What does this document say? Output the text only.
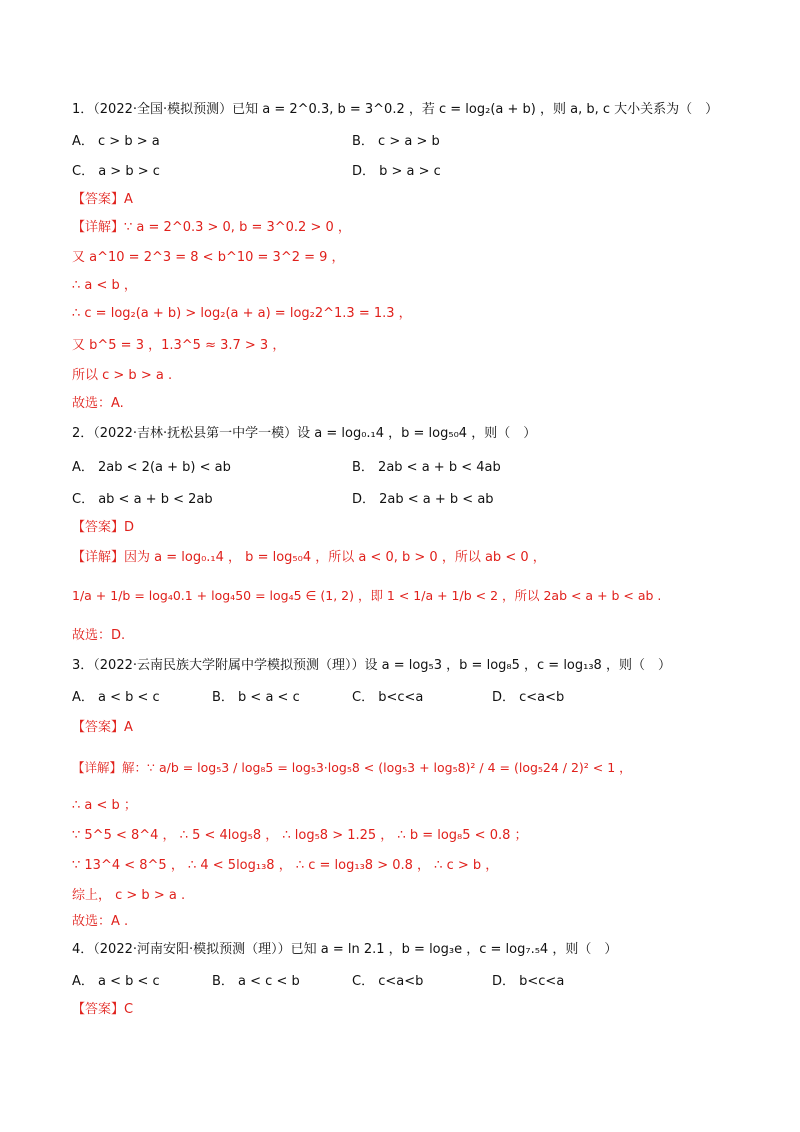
1．（2022·全国·模拟预测）已知 a = 2^0.3, b = 3^0.2 ，若 c = log₂(a + b) ，则 a, b, c 大小关系为（　）
A． c > b > a	B． c > a > b
C． a > b > c	D． b > a > c
【答案】A
【详解】∵ a = 2^0.3 > 0, b = 3^0.2 > 0 ，
又 a^10 = 2^3 = 8 < b^10 = 3^2 = 9 ，
∴ a < b ，
∴ c = log₂(a + b) > log₂(a + a) = log₂2^1.3 = 1.3 ，
又 b^5 = 3 ，1.3^5 ≈ 3.7 > 3 ，
所以 c > b > a .
故选：A.
2．（2022·吉林·抚松县第一中学一模）设 a = log₀.₁4 ，b = log₅₀4 ，则（　）
A． 2ab < 2(a + b) < ab	B． 2ab < a + b < 4ab
C． ab < a + b < 2ab	D． 2ab < a + b < ab
【答案】D
【详解】因为 a = log₀.₁4 ， b = log₅₀4 ，所以 a < 0, b > 0 ，所以 ab < 0 ，
1/a + 1/b = log₄0.1 + log₄50 = log₄5 ∈ (1, 2) ，即 1 < 1/a + 1/b < 2 ，所以 2ab < a + b < ab .
故选：D.
3．（2022·云南民族大学附属中学模拟预测（理））设 a = log₅3 ，b = log₈5 ，c = log₁₃8 ，则（　）
A． a < b < c	B． b < a < c	C． b<c<a	D． c<a<b
【答案】A
【详解】解：∵ a/b = log₅3 / log₈5 = log₅3·log₅8 < (log₅3 + log₅8)² / 4 = (log₅24 / 2)² < 1 ，
∴ a < b ；
∵ 5^5 < 8^4 ， ∴ 5 < 4log₅8 ， ∴ log₅8 > 1.25 ， ∴ b = log₈5 < 0.8 ；
∵ 13^4 < 8^5 ， ∴ 4 < 5log₁₃8 ， ∴ c = log₁₃8 > 0.8 ， ∴ c > b ，
综上， c > b > a .
故选：A .
4．（2022·河南安阳·模拟预测（理））已知 a = ln 2.1 ，b = log₃e ，c = log₇.₅4 ，则（　）
A． a < b < c	B． a < c < b	C． c<a<b	D． b<c<a
【答案】C
